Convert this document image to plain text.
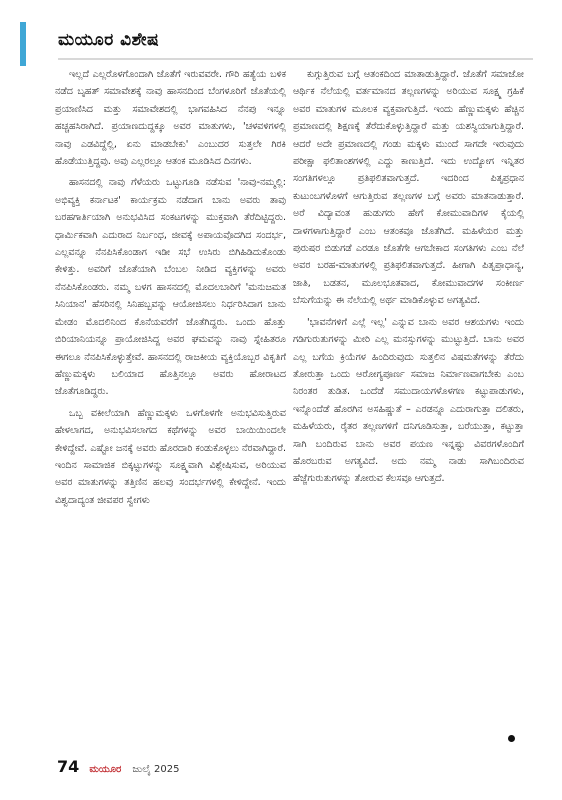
ಮಯೂರ ವಿಶೇಷ

ಇಲ್ಲದೆ ಎಲ್ಲರೊಳಗೊಂದಾಗಿ ಜೊತೆಗೆ ಇರುವವರೇ. ಗೌರಿ ಹತ್ಯೆಯ ಬಳಿಕ ನಡೆದ ಬೃಹತ್ ಸಮಾವೇಶಕ್ಕೆ ನಾವು ಹಾಸನದಿಂದ ಬೆಂಗಳೂರಿಗೆ ಜೊತೆಯಲ್ಲಿ ಪ್ರಯಾಣಿಸಿದ ಮತ್ತು ಸಮಾವೇಶದಲ್ಲಿ ಭಾಗವಹಿಸಿದ ನೆನಪು ಇನ್ನೂ ಹಚ್ಚಹಸಿರಾಗಿದೆ. ಪ್ರಯಾಣದುದ್ದಕ್ಕೂ ಅವರ ಮಾತುಗಳು, 'ಚಳವಳಿಗಳಲ್ಲಿ ನಾವು ಎಡವಿದ್ದೆಲ್ಲಿ, ಏನು ಮಾಡಬೇಕು' ಎಂಬುದರ ಸುತ್ತಲೇ ಗಿರಕಿ ಹೊಡೆಯುತ್ತಿದ್ದವು. ಅವು ಎಲ್ಲರಲ್ಲೂ ಆತಂಕ ಮೂಡಿಸಿದ ದಿನಗಳು.

ಹಾಸನದಲ್ಲಿ ನಾವು ಗೆಳೆಯರು ಒಟ್ಟುಗೂಡಿ ನಡೆಸುವ 'ನಾವು-ನಮ್ಮಲ್ಲಿ: ಅಭಿವ್ಯಕ್ತಿ ಕರ್ನಾಟಕ' ಕಾರ್ಯಕ್ರಮ ನಡೆದಾಗ ಬಾನು ಅವರು ತಾವು ಬರಹಗಾರ್ತಿಯಾಗಿ ಅನುಭವಿಸಿದ ಸಂಕಟಗಳನ್ನು ಮುಕ್ತವಾಗಿ ತೆರೆದಿಟ್ಟಿದ್ದರು. ಧಾರ್ಮಿಕವಾಗಿ ಎದುರಾದ ನಿರ್ಬಂಧ, ಜೀವಕ್ಕೆ ಅಪಾಯವೊದಗಿದ ಸಂದರ್ಭ, ಎಲ್ಲವನ್ನೂ ನೆನಪಿಸಿಕೊಂಡಾಗ ಇಡೀ ಸಭೆ ಉಸಿರು ಬಿಗಿಹಿಡಿದುಕೊಂಡು ಕೇಳಿತ್ತು. ಅವರಿಗೆ ಜೊತೆಯಾಗಿ ಬೆಂಬಲ ನೀಡಿದ ವ್ಯಕ್ತಿಗಳನ್ನು ಅವರು ನೆನಪಿಸಿಕೊಂಡರು. ನಮ್ಮ ಬಳಗ ಹಾಸನದಲ್ಲಿ ಮೊದಲಬಾರಿಗೆ 'ಮನುಜಮತ ಸಿನಿಯಾನ' ಹೆಸರಿನಲ್ಲಿ ಸಿನಿಹಬ್ಬವನ್ನು ಆಯೋಜಿಸಲು ನಿರ್ಧರಿಸಿದಾಗ ಬಾನು ಮೇಡಂ ಮೊದಲಿನಿಂದ ಕೊನೆಯವರೆಗೆ ಜೊತೆಗಿದ್ದರು. ಒಂದು ಹೊತ್ತು ಬಿರಿಯಾನಿಯನ್ನೂ ಪ್ರಾಯೋಜಿಸಿದ್ದ ಅವರ ಘಮವನ್ನು ನಾವು ಸ್ನೇಹಿತರೂ ಈಗಲೂ ನೆನಪಿಸಿಕೊಳ್ಳುತ್ತೇವೆ. ಹಾಸನದಲ್ಲಿ ರಾಜಕೀಯ ವ್ಯಕ್ತಿಯೊಬ್ಬರ ವಿಕೃತಿಗೆ ಹೆಣ್ಣುಮಕ್ಕಳು ಬಲಿಯಾದ ಹೊತ್ತಿನಲ್ಲೂ ಅವರು ಹೋರಾಟದ ಜೊತೆಗೂಡಿದ್ದರು.

ಒಬ್ಬ ವಕೀಲೆಯಾಗಿ ಹೆಣ್ಣುಮಕ್ಕಳು ಒಳಗೊಳಗೇ ಅನುಭವಿಸುತ್ತಿರುವ ಹೇಳಲಾಗದ, ಅನುಭವಿಸಲಾಗದ ಕಥೆಗಳನ್ನು ಅವರ ಬಾಯಿಯಿಂದಲೇ ಕೇಳಿದ್ದೇವೆ. ಎಷ್ಟೋ ಜನಕ್ಕೆ ಅವರು ಹೊರದಾರಿ ಕಂಡುಕೊಳ್ಳಲು ನೆರವಾಗಿದ್ದಾರೆ. ಇಂದಿನ ಸಾಮಾಜಿಕ ಬಿಕ್ಕಟ್ಟುಗಳನ್ನು ಸೂಕ್ಷ್ಮವಾಗಿ ವಿಶ್ಲೇಷಿಸುವ, ಅರಿಯುವ ಅವರ ಮಾತುಗಳನ್ನು ತತ್ತಿಣಿನ ಹಲವು ಸಂದರ್ಭಗಳಲ್ಲಿ ಕೇಳಿದ್ದೇನೆ. ಇಂದು ವಿಶ್ವದಾದ್ಯಂತ ಜೀವಪರ ಸ್ವೇಗಳು

ಕುಗ್ಗುತ್ತಿರುವ ಬಗ್ಗೆ ಆತಂಕದಿಂದ ಮಾತಾಡುತ್ತಿದ್ದಾರೆ. ಜೊತೆಗೆ ಸಮಾಜೋ ಆರ್ಥಿಕ ನೆಲೆಯಲ್ಲಿ ವರ್ತಮಾನದ ತಲ್ಲಣಗಳನ್ನು ಅರಿಯುವ ಸೂಕ್ಷ್ಮ ಗ್ರಹಿಕೆ ಅವರ ಮಾತುಗಳ ಮೂಲಕ ವ್ಯಕ್ತವಾಗುತ್ತಿದೆ. ಇಂದು ಹೆಣ್ಣುಮಕ್ಕಳು ಹೆಚ್ಚಿನ ಪ್ರಮಾಣದಲ್ಲಿ ಶಿಕ್ಷಣಕ್ಕೆ ತೆರೆದುಕೊಳ್ಳುತ್ತಿದ್ದಾರೆ ಮತ್ತು ಯಶಸ್ವಿಯಾಗುತ್ತಿದ್ದಾರೆ. ಆದರೆ ಅದೇ ಪ್ರಮಾಣದಲ್ಲಿ ಗಂಡು ಮಕ್ಕಳು ಮುಂದೆ ಸಾಗದೇ ಇರುವುದು ಪರೀಕ್ಷಾ ಫಲಿತಾಂಶಗಳಲ್ಲಿ ಎದ್ದು ಕಾಣುತ್ತಿದೆ. ಇದು ಉದ್ಯೋಗ ಇನ್ನಿತರ ಸಂಗತಿಗಳಲ್ಲೂ ಪ್ರತಿಫಲಿತವಾಗುತ್ತದೆ. ಇದರಿಂದ ಪಿತೃಪ್ರಧಾನ ಕುಟುಂಬಗಳೊಳಗೆ ಆಗುತ್ತಿರುವ ತಲ್ಲಣಗಳ ಬಗ್ಗೆ ಅವರು ಮಾತನಾಡುತ್ತಾರೆ. ಅರೆ ವಿದ್ಯಾವಂತ ಹುಡುಗರು ಹೇಗೆ ಕೋಮುವಾದಿಗಳ ಕೈಯಲ್ಲಿ ದಾಳಗಳಾಗುತ್ತಿದ್ದಾರೆ ಎಂಬ ಆತಂಕವೂ ಜೊತೆಗಿದೆ. ಮಹಿಳೆಯರ ಮತ್ತು ಪುರುಷರ ಬಿಡುಗಡೆ ಎರಡೂ ಜೊತೆಗೇ ಆಗಬೇಕಾದ ಸಂಗತಿಗಳು ಎಂಬ ನೆಲೆ ಅವರ ಬರಹ-ಮಾತುಗಳಲ್ಲಿ ಪ್ರತಿಫಲಿತವಾಗುತ್ತದೆ. ಹೀಗಾಗಿ ಪಿತೃಪ್ರಾಧಾನ್ಯ, ಜಾತಿ, ಬಡತನ, ಮೂಲಭೂತವಾದ, ಕೋಮುವಾದಗಳ ಸಂಕೀರ್ಣ ಬೆಸುಗೆಯನ್ನು ಈ ನೆಲೆಯಲ್ಲಿ ಅರ್ಥ ಮಾಡಿಕೊಳ್ಳುವ ಅಗತ್ಯವಿದೆ.

'ಭಾವನೆಗಳಿಗೆ ಎಲ್ಲೆ ಇಲ್ಲ' ಎನ್ನುವ ಬಾನು ಅವರ ಆಶಯಗಳು ಇಂದು ಗಡಿಗುರುತುಗಳನ್ನು ಮೀರಿ ಎಲ್ಲ ಮನಸ್ಸುಗಳನ್ನು ಮುಟ್ಟುತ್ತಿದೆ. ಬಾನು ಅವರ ಎಲ್ಲ ಬಗೆಯ ಕ್ರಿಯೆಗಳ ಹಿಂದಿರುವುದು ಸುತ್ತಲಿನ ವಿಷಮತೆಗಳನ್ನು ತೆರೆದು ತೋರುತ್ತಾ ಒಂದು ಆರೋಗ್ಯಪೂರ್ಣ ಸಮಾಜ ನಿರ್ಮಾಣವಾಗಬೇಕು ಎಂಬ ನಿರಂತರ ತುಡಿತ. ಒಂದೆಡೆ ಸಮುದಾಯಗಳೊಳಗಣ ಕಟ್ಟುಪಾಡುಗಳು, ಇನ್ನೊಂದೆಡೆ ಹೊರಗಿನ ಅಸಹಿಷ್ಣುತೆ – ಎರಡನ್ನೂ ಎದುರಾಗುತ್ತಾ ದಲಿತರು, ಮಹಿಳೆಯರು, ರೈತರ ತಲ್ಲಣಗಳಿಗೆ ದನಿಗೂಡಿಸುತ್ತಾ, ಬರೆಯುತ್ತಾ, ಕಟ್ಟುತ್ತಾ ಸಾಗಿ ಬಂದಿರುವ ಬಾನು ಅವರ ಪಯಣ ಇನ್ನಷ್ಟು ವಿವರಗಳೊಂದಿಗೆ ಹೊರಬರುವ ಅಗತ್ಯವಿದೆ. ಅದು ನಮ್ಮ ನಾಡು ಸಾಗಿಬಂದಿರುವ ಹೆಜ್ಜೆಗುರುತುಗಳನ್ನು ತೋರುವ ಕೆಲಸವೂ ಆಗುತ್ತದೆ.

74 ಮಯೂರ ಜುಲೈ 2025
